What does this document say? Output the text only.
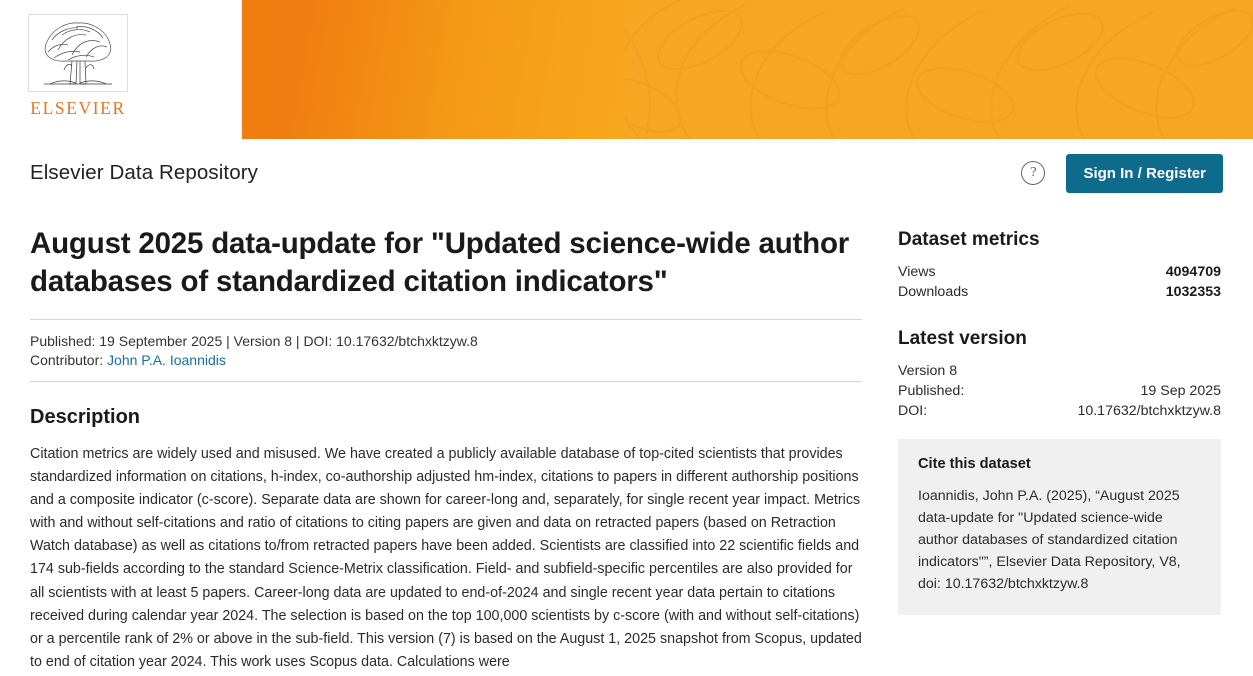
ELSEVIER
Elsevier Data Repository	?	Sign In / Register
August 2025 data-update for "Updated science-wide author databases of standardized citation indicators"
Published: 19 September 2025 | Version 8 | DOI: 10.17632/btchxktzyw.8
Contributor: John P.A. Ioannidis
Description
Citation metrics are widely used and misused. We have created a publicly available database of top-cited scientists that provides standardized information on citations, h-index, co-authorship adjusted hm-index, citations to papers in different authorship positions and a composite indicator (c-score). Separate data are shown for career-long and, separately, for single recent year impact. Metrics with and without self-citations and ratio of citations to citing papers are given and data on retracted papers (based on Retraction Watch database) as well as citations to/from retracted papers have been added. Scientists are classified into 22 scientific fields and 174 sub-fields according to the standard Science-Metrix classification. Field- and subfield-specific percentiles are also provided for all scientists with at least 5 papers. Career-long data are updated to end-of-2024 and single recent year data pertain to citations received during calendar year 2024. The selection is based on the top 100,000 scientists by c-score (with and without self-citations) or a percentile rank of 2% or above in the sub-field. This version (7) is based on the August 1, 2025 snapshot from Scopus, updated to end of citation year 2024. This work uses Scopus data. Calculations were
Dataset metrics
Views	4094709
Downloads	1032353
Latest version
Version 8
Published:	19 Sep 2025
DOI:	10.17632/btchxktzyw.8
Cite this dataset
Ioannidis, John P.A. (2025), “August 2025 data-update for "Updated science-wide author databases of standardized citation indicators"”, Elsevier Data Repository, V8, doi: 10.17632/btchxktzyw.8
